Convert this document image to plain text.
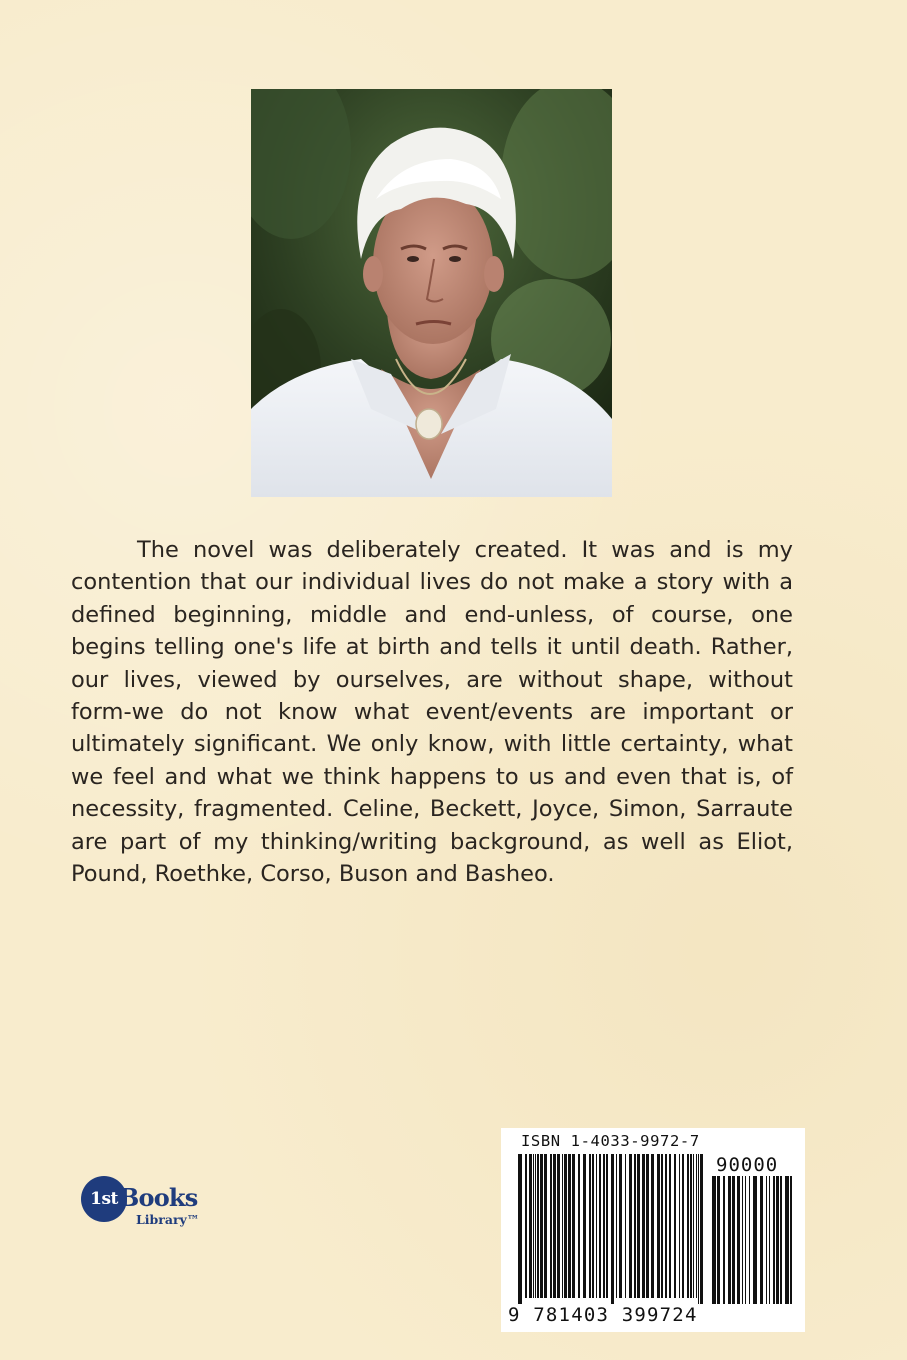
The novel was deliberately created. It was and is my contention that our individual lives do not make a story with a defined beginning, middle and end-unless, of course, one begins telling one's life at birth and tells it until death. Rather, our lives, viewed by ourselves, are without shape, without form-we do not know what event/events are important or ultimately significant. We only know, with little certainty, what we feel and what we think happens to us and even that is, of necessity, fragmented. Celine, Beckett, Joyce, Simon, Sarraute are part of my thinking/writing background, as well as Eliot, Pound, Roethke, Corso, Buson and Basheo.

1st Books
Library™
ISBN 1-4033-9972-7
90000
9 781403 399724
